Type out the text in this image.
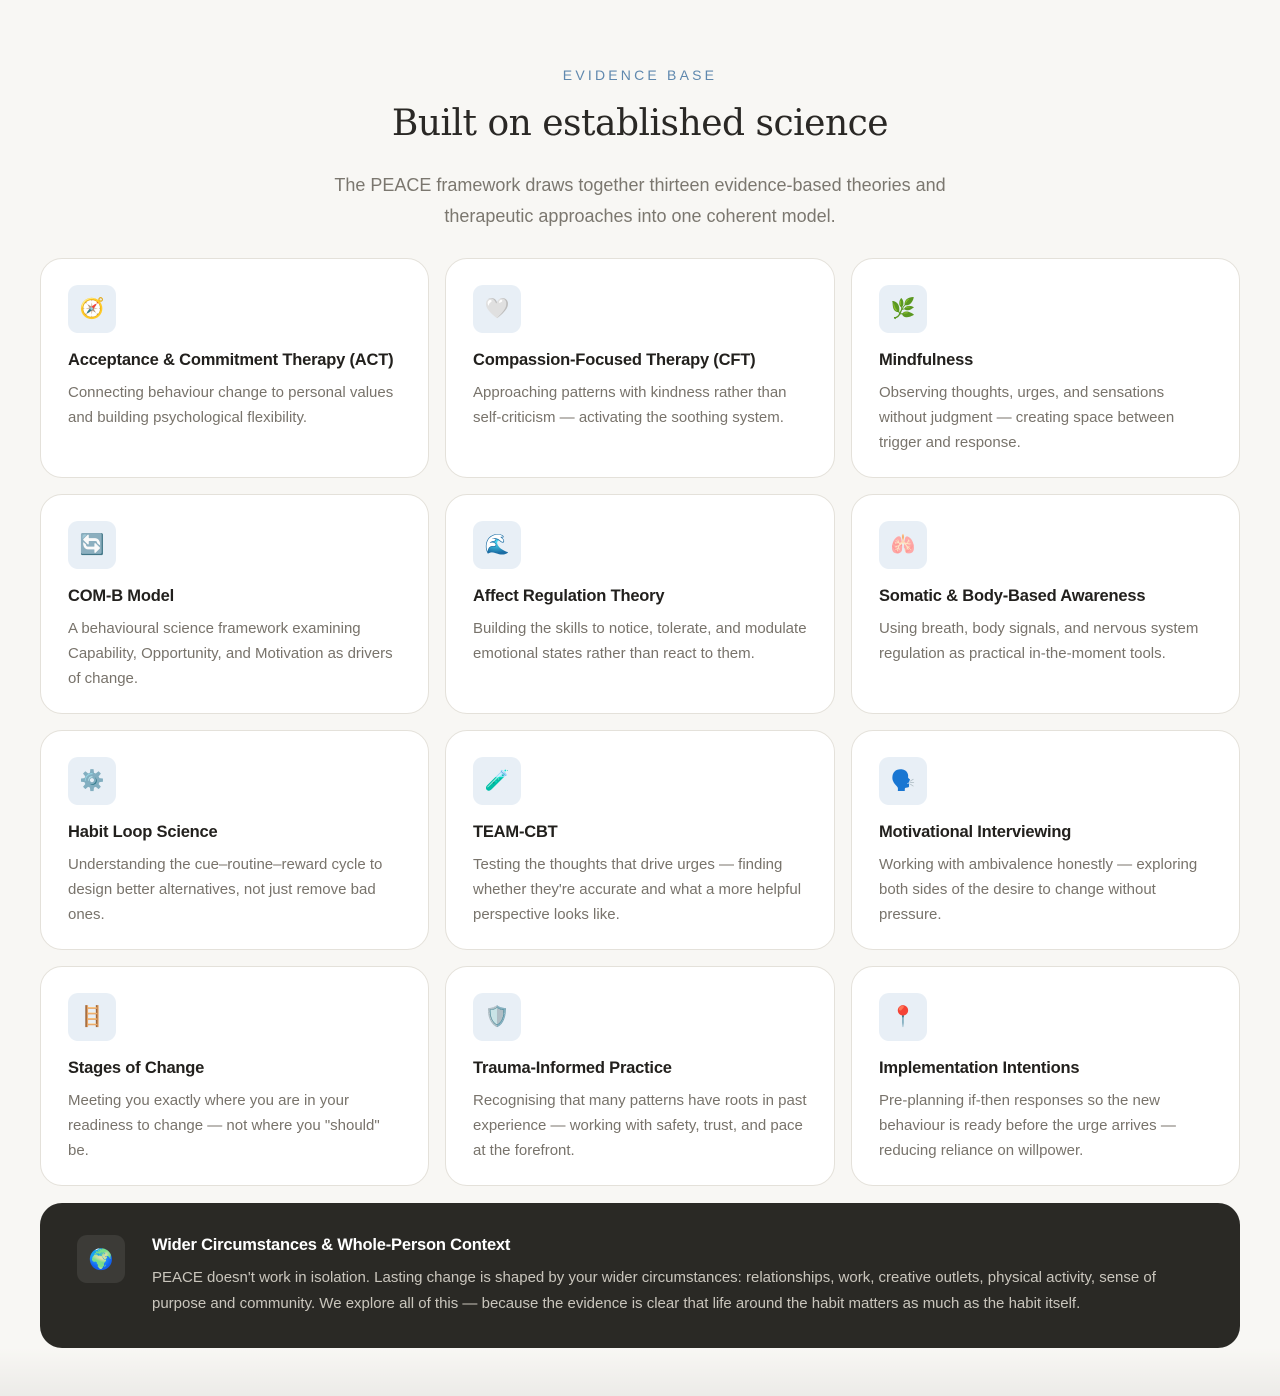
EVIDENCE BASE
Built on established science

The PEACE framework draws together thirteen evidence-based theories and therapeutic approaches into one coherent model.

🧭
Acceptance & Commitment Therapy (ACT)
Connecting behaviour change to personal values and building psychological flexibility.
🤍
Compassion-Focused Therapy (CFT)
Approaching patterns with kindness rather than self-criticism — activating the soothing system.
🌿
Mindfulness
Observing thoughts, urges, and sensations without judgment — creating space between trigger and response.
🔄
COM-B Model
A behavioural science framework examining Capability, Opportunity, and Motivation as drivers of change.
🌊
Affect Regulation Theory
Building the skills to notice, tolerate, and modulate emotional states rather than react to them.
🫁
Somatic & Body-Based Awareness
Using breath, body signals, and nervous system regulation as practical in-the-moment tools.
⚙️
Habit Loop Science
Understanding the cue–routine–reward cycle to design better alternatives, not just remove bad ones.
🧪
TEAM-CBT
Testing the thoughts that drive urges — finding whether they're accurate and what a more helpful perspective looks like.
🗣️
Motivational Interviewing
Working with ambivalence honestly — exploring both sides of the desire to change without pressure.
🪜
Stages of Change
Meeting you exactly where you are in your readiness to change — not where you "should" be.
🛡️
Trauma-Informed Practice
Recognising that many patterns have roots in past experience — working with safety, trust, and pace at the forefront.
📍
Implementation Intentions
Pre-planning if-then responses so the new behaviour is ready before the urge arrives — reducing reliance on willpower.
🌍
Wider Circumstances & Whole-Person Context
PEACE doesn't work in isolation. Lasting change is shaped by your wider circumstances: relationships, work, creative outlets, physical activity, sense of purpose and community. We explore all of this — because the evidence is clear that life around the habit matters as much as the habit itself.
